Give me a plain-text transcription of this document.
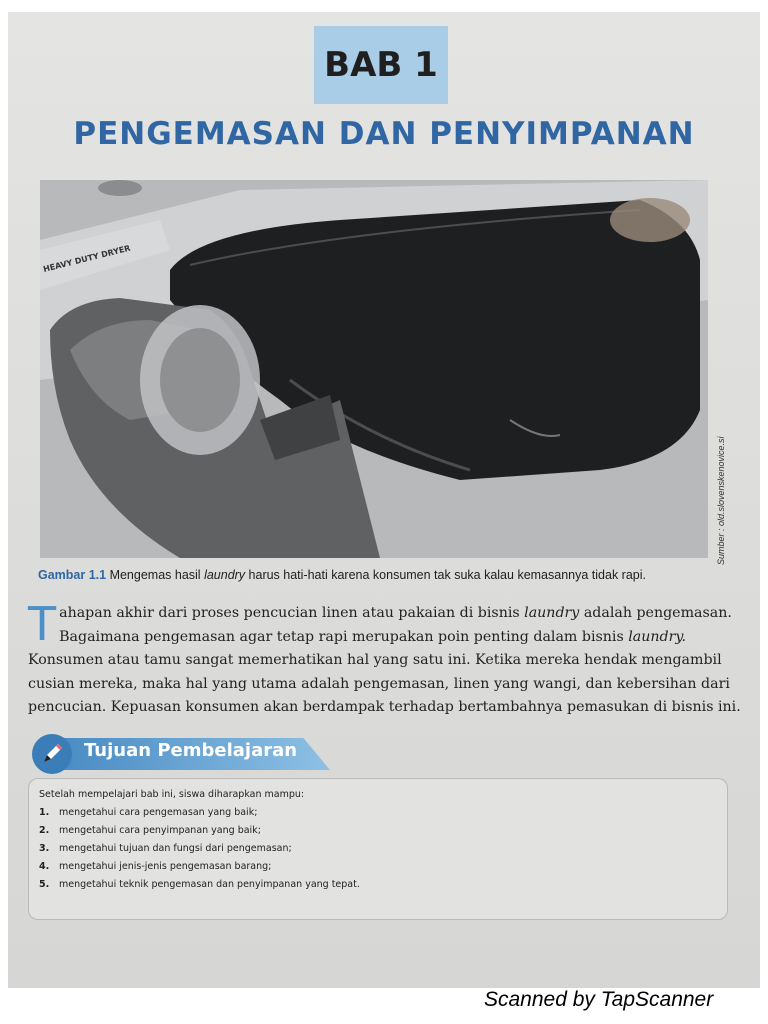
BAB 1
PENGEMASAN DAN PENYIMPANAN
HEAVY DUTY DRYER
Sumber : old.slovenskenovice.si
Gambar 1.1 Mengemas hasil laundry harus hati-hati karena konsumen tak suka kalau kemasannya tidak rapi.
Tahapan akhir dari proses pencucian linen atau pakaian di bisnis laundry adalah pengemasan. Bagaimana pengemasan agar tetap rapi merupakan poin penting dalam bisnis laundry. Konsumen atau tamu sangat memerhatikan hal yang satu ini. Ketika mereka hendak mengambil cusian mereka, maka hal yang utama adalah pengemasan, linen yang wangi, dan kebersihan dari pencucian. Kepuasan konsumen akan berdampak terhadap bertambahnya pemasukan di bisnis ini.
Tujuan Pembelajaran
Setelah mempelajari bab ini, siswa diharapkan mampu:
1.	mengetahui cara pengemasan yang baik;
2.	mengetahui cara penyimpanan yang baik;
3.	mengetahui tujuan dan fungsi dari pengemasan;
4.	mengetahui jenis-jenis pengemasan barang;
5.	mengetahui teknik pengemasan dan penyimpanan yang tepat.
Scanned by TapScanner
